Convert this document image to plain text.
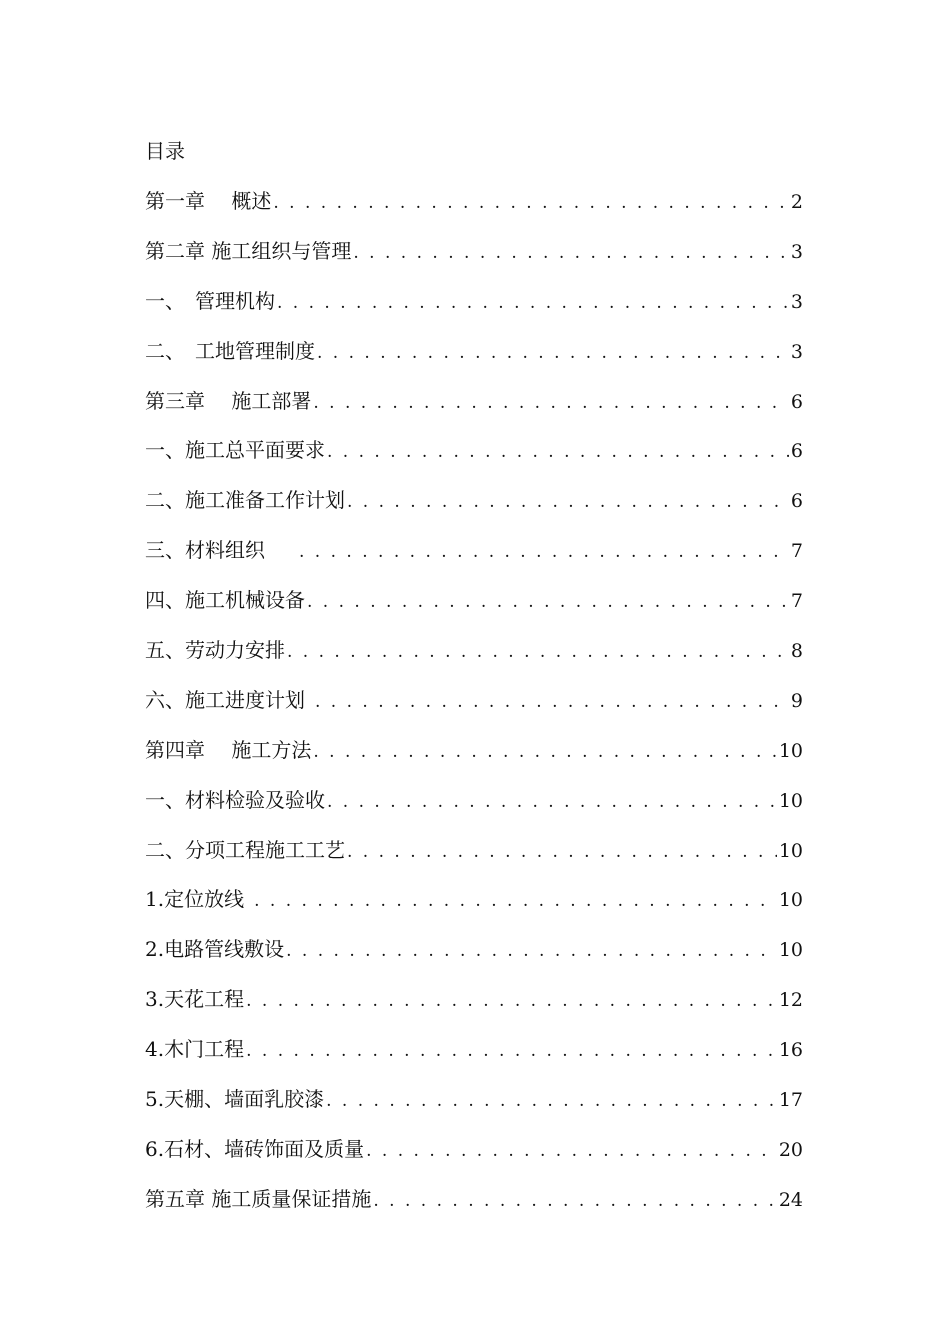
目录
第一章　 概述 . . .	2
第二章 施工组织与管理 . . .	3
一、　管理机构 . . .	3
二、　工地管理制度 . . .	3
第三章　 施工部署 . . .	6
一、施工总平面要求 . . .	6
二、施工准备工作计划 . . .	6
三、材料组织 . . .	7
四、施工机械设备 . . .	7
五、劳动力安排 . . .	8
六、施工进度计划 . . .	9
第四章　 施工方法 . . .	10
一、材料检验及验收 . . .	10
二、分项工程施工工艺 . . .	10
1.定位放线 . . .	10
2.电路管线敷设 . . .	10
3.天花工程 . . .	12
4.木门工程 . . .	16
5.天棚、墙面乳胶漆 . . .	17
6.石材、墙砖饰面及质量 . . .	20
第五章 施工质量保证措施 . . .	24
